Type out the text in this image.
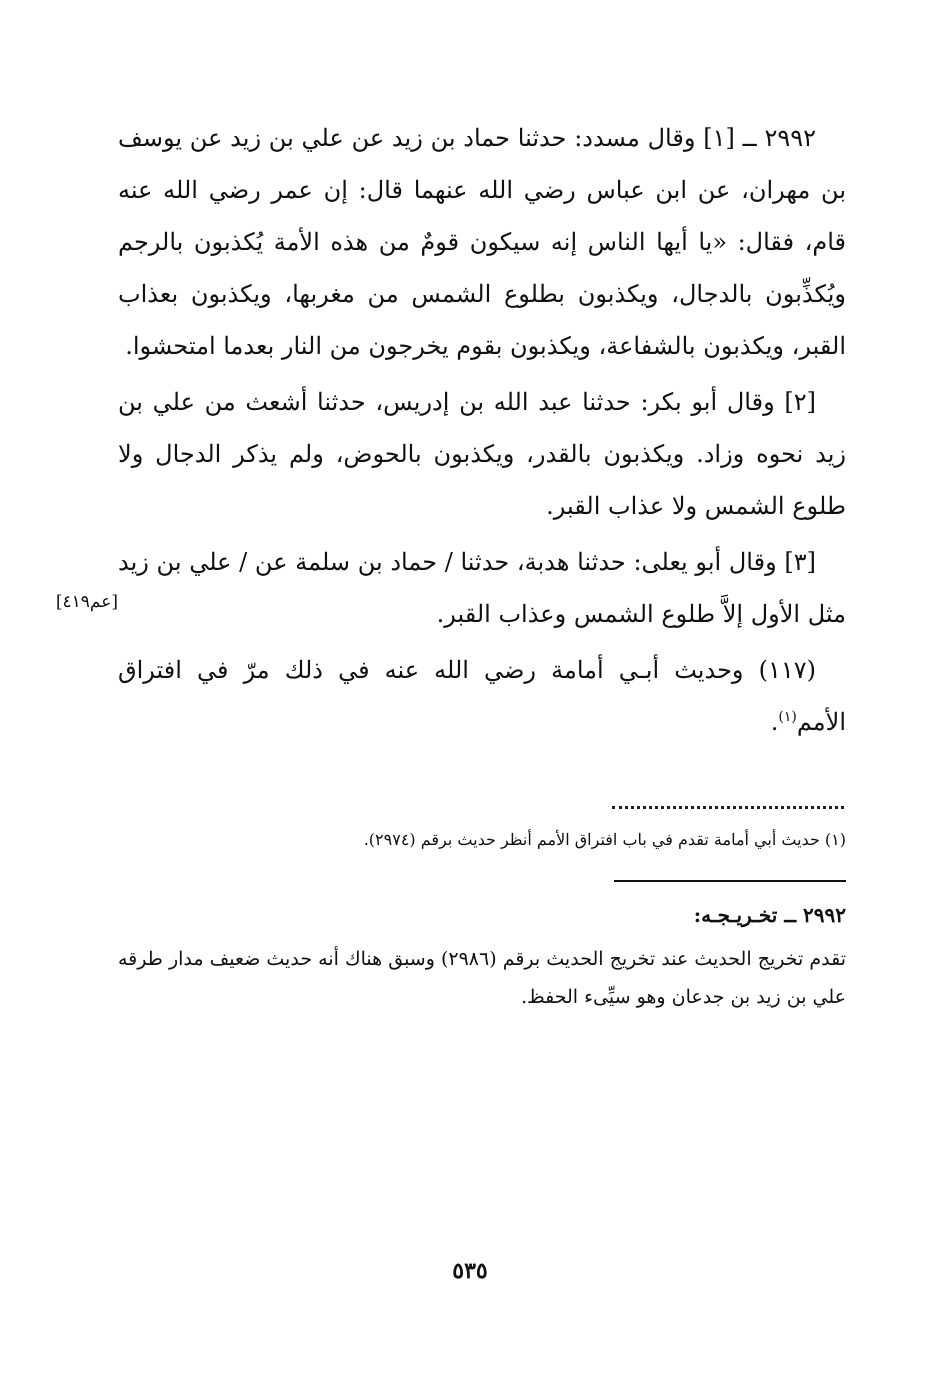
٢٩٩٢ ــ [١] وقال مسدد: حدثنا حماد بن زيد عن علي بن زيد عن يوسف بن مهران، عن ابن عباس رضي الله عنهما قال: إن عمر رضي الله عنه قام، فقال: «يا أيها الناس إنه سيكون قومٌ من هذه الأمة يُكذبون بالرجم ويُكذِّبون بالدجال، ويكذبون بطلوع الشمس من مغربها، ويكذبون بعذاب القبر، ويكذبون بالشفاعة، ويكذبون بقوم يخرجون من النار بعدما امتحشوا.

[٢] وقال أبو بكر: حدثنا عبد الله بن إدريس، حدثنا أشعث من علي بن زيد نحوه وزاد. ويكذبون بالقدر، ويكذبون بالحوض، ولم يذكر الدجال ولا طلوع الشمس ولا عذاب القبر.

[٣] وقال أبو يعلى: حدثنا هدبة، حدثنا / حماد بن سلمة عن / علي بن زيد مثل الأول إلاَّ طلوع الشمس وعذاب القبر.

(١١٧) وحديث أبـي أمامة رضي الله عنه في ذلك مرّ في افتراق الأمم$^{(١)}$.

[عم٤١٩]
(١) حديث أبي أمامة تقدم في باب افتراق الأمم أنظر حديث برقم (٢٩٧٤).
٢٩٩٢ ــ تخـريـجـه:

تقدم تخريج الحديث عند تخريج الحديث برقم (٢٩٨٦) وسبق هناك أنه حديث ضعيف مدار طرقه علي بن زيد بن جدعان وهو سيِّىء الحفظ.

٥٣٥
